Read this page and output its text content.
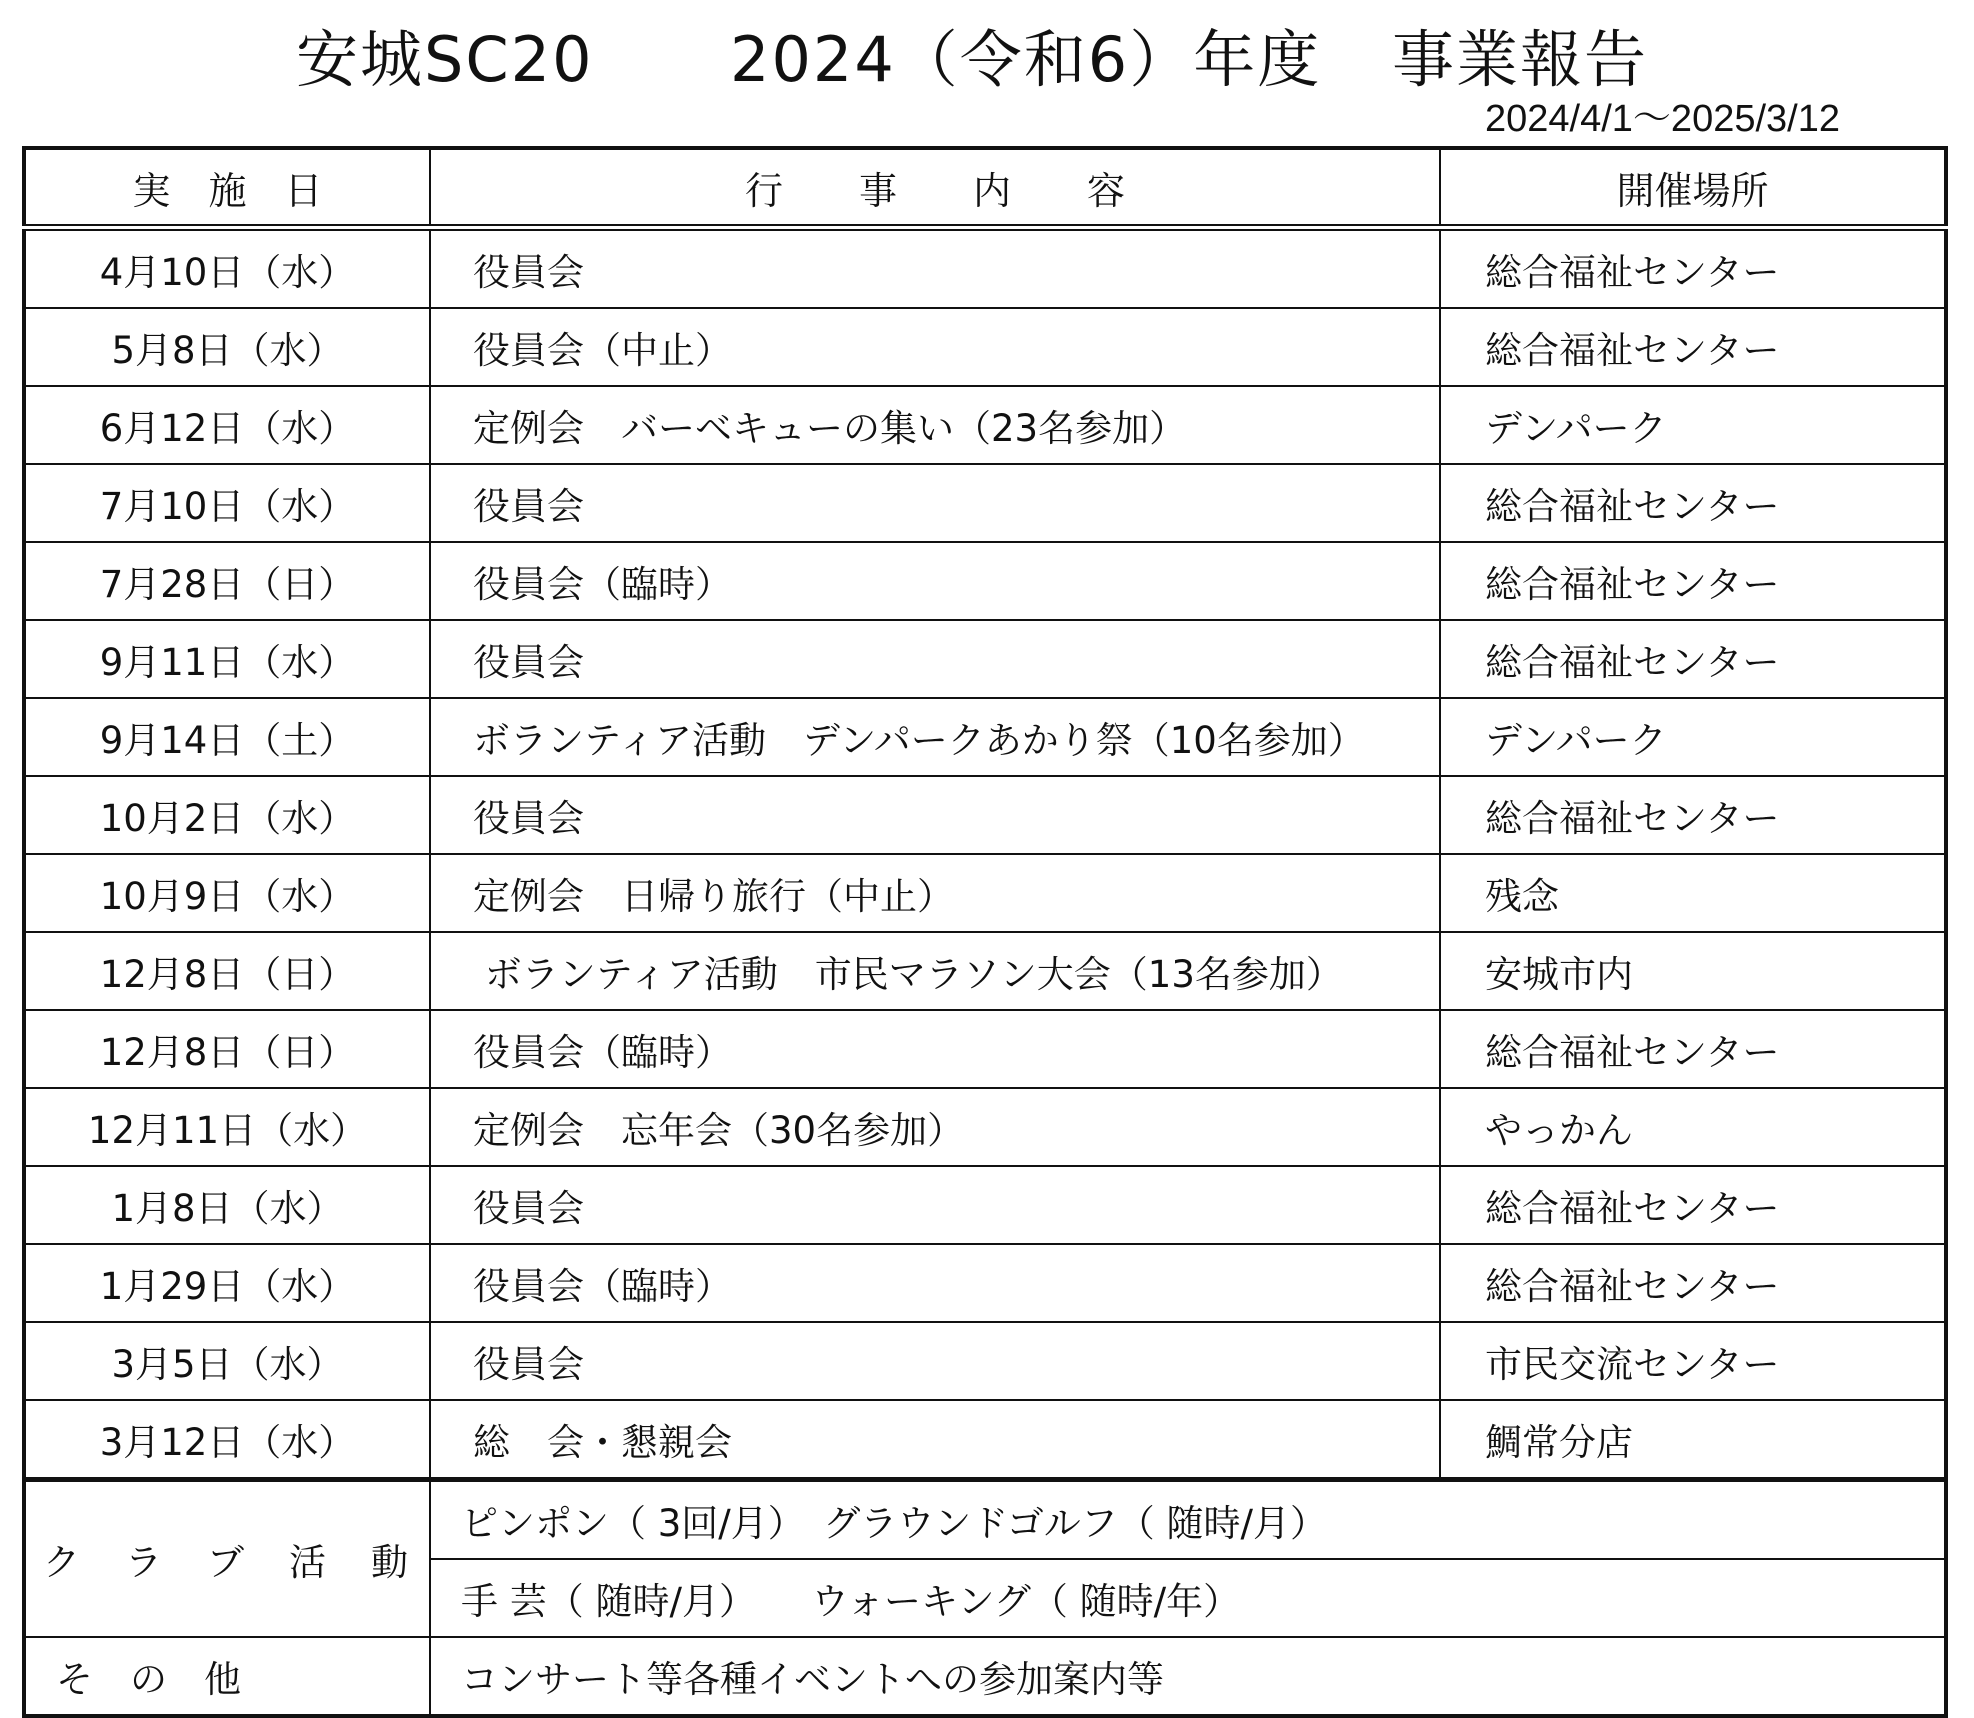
安城SC20

2024（令和6）年度

事業報告

2024/4/1～2025/3/12
実　施　日	行　　事　　内　　容	開催場所
4月10日（水）	役員会	総合福祉センター
5月8日（水）	役員会（中止）	総合福祉センター
6月12日（水）	定例会　バーベキューの集い（23名参加）	デンパーク
7月10日（水）	役員会	総合福祉センター
7月28日（日）	役員会（臨時）	総合福祉センター
9月11日（水）	役員会	総合福祉センター
9月14日（土）	ボランティア活動　デンパークあかり祭（10名参加）	デンパーク
10月2日（水）	役員会	総合福祉センター
10月9日（水）	定例会　日帰り旅行（中止）	残念
12月8日（日）	ボランティア活動　市民マラソン大会（13名参加）	安城市内
12月8日（日）	役員会（臨時）	総合福祉センター
12月11日（水）	定例会　忘年会（30名参加）	やっかん
1月8日（水）	役員会	総合福祉センター
1月29日（水）	役員会（臨時）	総合福祉センター
3月5日（水）	役員会	市民交流センター
3月12日（水）	総　会・懇親会	鯛常分店
ク　ラ　ブ　活　動	ピンポン（ 3回/月）　グラウンドゴルフ（ 随時/月）	
	手 芸（ 随時/月）　　ウォーキング（ 随時/年）	
そ　の　他	コンサート等各種イベントへの参加案内等	
